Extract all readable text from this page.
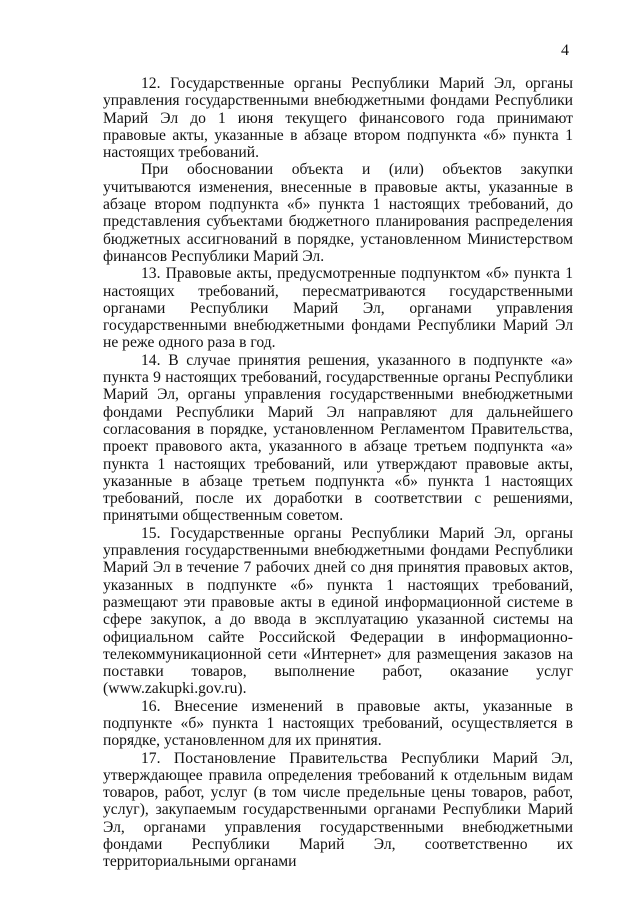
4

12. Государственные органы Республики Марий Эл, органы управления государственными внебюджетными фондами Республики Марий Эл до 1 июня текущего финансового года принимают правовые акты, указанные в абзаце втором подпункта «б» пункта 1 настоящих требований.

При обосновании объекта и (или) объектов закупки учитываются изменения, внесенные в правовые акты, указанные в абзаце втором подпункта «б» пункта 1 настоящих требований, до представления субъектами бюджетного планирования распределения бюджетных ассигнований в порядке, установленном Министерством финансов Республики Марий Эл.

13. Правовые акты, предусмотренные подпунктом «б» пункта 1 настоящих требований, пересматриваются государственными органами Республики Марий Эл, органами управления государственными внебюджетными фондами Республики Марий Эл не реже одного раза в год.

14. В случае принятия решения, указанного в подпункте «а» пункта 9 настоящих требований, государственные органы Республики Марий Эл, органы управления государственными внебюджетными фондами Республики Марий Эл направляют для дальнейшего согласования в порядке, установленном Регламентом Правительства, проект правового акта, указанного в абзаце третьем подпункта «а» пункта 1 настоящих требований, или утверждают правовые акты, указанные в абзаце третьем подпункта «б» пункта 1 настоящих требований, после их доработки в соответствии с решениями, принятыми общественным советом.

15. Государственные органы Республики Марий Эл, органы управления государственными внебюджетными фондами Республики Марий Эл в течение 7 рабочих дней со дня принятия правовых актов, указанных в подпункте «б» пункта 1 настоящих требований, размещают эти правовые акты в единой информационной системе в сфере закупок, а до ввода в эксплуатацию указанной системы на официальном сайте Российской Федерации в информационно-телекоммуникационной сети «Интернет» для размещения заказов на поставки товаров, выполнение работ, оказание услуг (www.zakupki.gov.ru).

16. Внесение изменений в правовые акты, указанные в подпункте «б» пункта 1 настоящих требований, осуществляется в порядке, установленном для их принятия.

17. Постановление Правительства Республики Марий Эл, утверждающее правила определения требований к отдельным видам товаров, работ, услуг (в том числе предельные цены товаров, работ, услуг), закупаемым государственными органами Республики Марий Эл, органами управления государственными внебюджетными фондами Республики Марий Эл, соответственно их территориальными органами
